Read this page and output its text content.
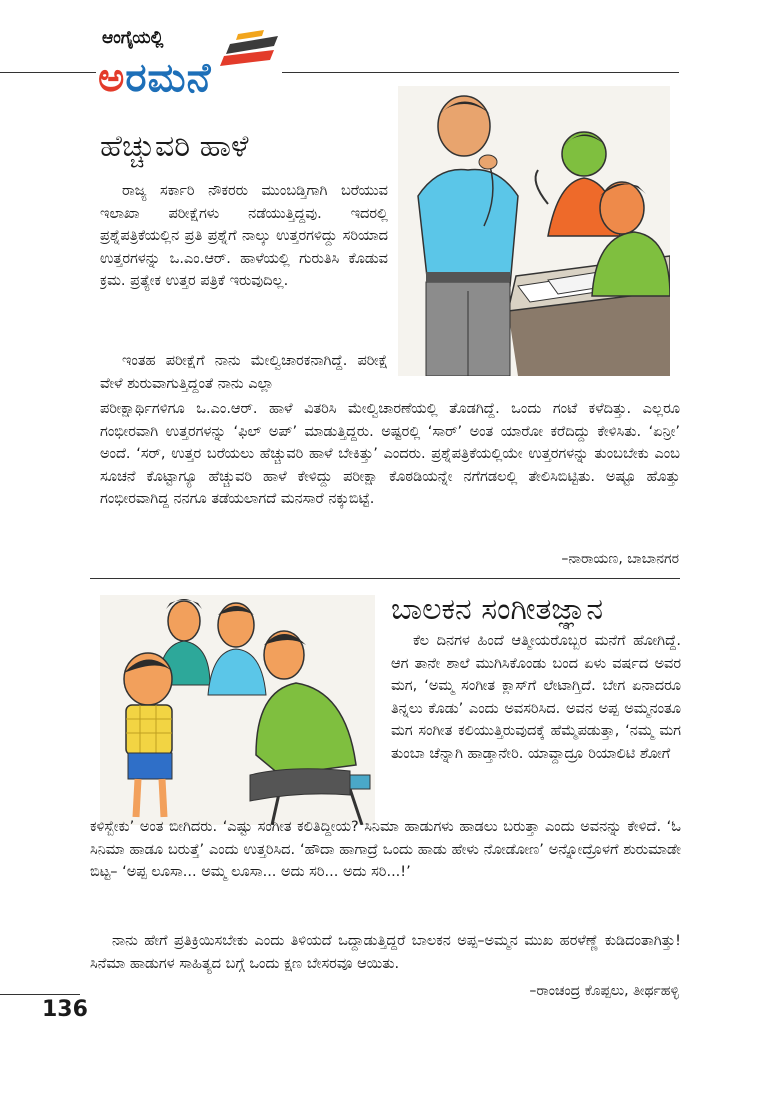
ಆಂಗೈಯಲ್ಲಿ
ಅರಮನೆ
ಹೆಚ್ಚುವರಿ ಹಾಳೆ

ರಾಜ್ಯ ಸರ್ಕಾರಿ ನೌಕರರು ಮುಂಬಡ್ತಿಗಾಗಿ ಬರೆಯುವ ಇಲಾಖಾ ಪರೀಕ್ಷೆಗಳು ನಡೆಯುತ್ತಿದ್ದವು. ಇದರಲ್ಲಿ ಪ್ರಶ್ನೆಪತ್ರಿಕೆಯಲ್ಲಿನ ಪ್ರತಿ ಪ್ರಶ್ನೆಗೆ ನಾಲ್ಕು ಉತ್ತರಗಳಿದ್ದು ಸರಿಯಾದ ಉತ್ತರಗಳನ್ನು ಒ.ಎಂ.ಆರ್. ಹಾಳೆಯಲ್ಲಿ ಗುರುತಿಸಿ ಕೊಡುವ ಕ್ರಮ. ಪ್ರತ್ಯೇಕ ಉತ್ತರ ಪತ್ರಿಕೆ ಇರುವುದಿಲ್ಲ.

ಇಂತಹ ಪರೀಕ್ಷೆಗೆ ನಾನು ಮೇಲ್ವಿಚಾರಕನಾಗಿದ್ದೆ. ಪರೀಕ್ಷೆ ವೇಳೆ ಶುರುವಾಗುತ್ತಿದ್ದಂತೆ ನಾನು ಎಲ್ಲಾ

ಪರೀಕ್ಷಾರ್ಥಿಗಳಿಗೂ ಒ.ಎಂ.ಆರ್. ಹಾಳೆ ವಿತರಿಸಿ ಮೇಲ್ವಿಚಾರಣೆಯಲ್ಲಿ ತೊಡಗಿದ್ದೆ. ಒಂದು ಗಂಟೆ ಕಳೆದಿತ್ತು. ಎಲ್ಲರೂ ಗಂಭೀರವಾಗಿ ಉತ್ತರಗಳನ್ನು ‘ಫಿಲ್ ಅಪ್’ ಮಾಡುತ್ತಿದ್ದರು. ಅಷ್ಟರಲ್ಲಿ ‘ಸಾರ್’ ಅಂತ ಯಾರೋ ಕರೆದಿದ್ದು ಕೇಳಿಸಿತು. ‘ಏನ್ರೀ’ ಅಂದೆ. ‘ಸರ್, ಉತ್ತರ ಬರೆಯಲು ಹೆಚ್ಚುವರಿ ಹಾಳೆ ಬೇಕಿತ್ತು’ ಎಂದರು. ಪ್ರಶ್ನೆಪತ್ರಿಕೆಯಲ್ಲಿಯೇ ಉತ್ತರಗಳನ್ನು ತುಂಬಬೇಕು ಎಂಬ ಸೂಚನೆ ಕೊಟ್ಟಾಗ್ಯೂ ಹೆಚ್ಚುವರಿ ಹಾಳೆ ಕೇಳಿದ್ದು ಪರೀಕ್ಷಾ ಕೊಠಡಿಯನ್ನೇ ನಗೆಗಡಲಲ್ಲಿ ತೇಲಿಸಿಬಿಟ್ಟಿತು. ಅಷ್ಟೂ ಹೊತ್ತು ಗಂಭೀರವಾಗಿದ್ದ ನನಗೂ ತಡೆಯಲಾಗದೆ ಮನಸಾರೆ ನಕ್ಕುಬಿಟ್ಟೆ.

–ನಾರಾಯಣ, ಬಾಬಾನಗರ
ಬಾಲಕನ ಸಂಗೀತಜ್ಞಾನ

ಕೆಲ ದಿನಗಳ ಹಿಂದೆ ಆತ್ಮೀಯರೊಬ್ಬರ ಮನೆಗೆ ಹೋಗಿದ್ದೆ. ಆಗ ತಾನೇ ಶಾಲೆ ಮುಗಿಸಿಕೊಂಡು ಬಂದ ಏಳು ವರ್ಷದ ಅವರ ಮಗ, ‘ಅಮ್ಮ ಸಂಗೀತ ಕ್ಲಾಸ್‌ಗೆ ಲೇಟಾಗ್ತಿದೆ. ಬೇಗ ಏನಾದರೂ ತಿನ್ನಲು ಕೊಡು’ ಎಂದು ಅವಸರಿಸಿದ. ಅವನ ಅಪ್ಪ ಅಮ್ಮನಂತೂ ಮಗ ಸಂಗೀತ ಕಲಿಯುತ್ತಿರುವುದಕ್ಕೆ ಹೆಮ್ಮೆಪಡುತ್ತಾ, ‘ನಮ್ಮ ಮಗ ತುಂಬಾ ಚೆನ್ನಾಗಿ ಹಾಡ್ತಾನೇರಿ. ಯಾವ್ದಾದ್ರೂ ರಿಯಾಲಿಟಿ ಶೋಗೆ

ಕಳಿಸ್ಬೇಕು’ ಅಂತ ಬೀಗಿದರು. ‘ಎಷ್ಟು ಸಂಗೀತ ಕಲಿತಿದ್ದೀಯ? ಸಿನಿಮಾ ಹಾಡುಗಳು ಹಾಡಲು ಬರುತ್ತಾ ಎಂದು ಅವನನ್ನು ಕೇಳಿದೆ. ‘ಓ ಸಿನಿಮಾ ಹಾಡೂ ಬರುತ್ತೆ’ ಎಂದು ಉತ್ತರಿಸಿದ. ‘ಹೌದಾ ಹಾಗಾದ್ರೆ ಒಂದು ಹಾಡು ಹೇಳು ನೋಡೋಣ’ ಅನ್ನೋದ್ರೊಳಗೆ ಶುರುಮಾಡೇ ಬಿಟ್ಟ– ‘ಅಪ್ಪ ಲೂಸಾ... ಅಮ್ಮ ಲೂಸಾ... ಅದು ಸರಿ... ಅದು ಸರಿ...!’

ನಾನು ಹೇಗೆ ಪ್ರತಿಕ್ರಿಯಿಸಬೇಕು ಎಂದು ತಿಳಿಯದೆ ಒದ್ದಾಡುತ್ತಿದ್ದರೆ ಬಾಲಕನ ಅಪ್ಪ–ಅಮ್ಮನ ಮುಖ ಹರಳೆಣ್ಣೆ ಕುಡಿದಂತಾಗಿತ್ತು! ಸಿನೆಮಾ ಹಾಡುಗಳ ಸಾಹಿತ್ಯದ ಬಗ್ಗೆ ಒಂದು ಕ್ಷಣ ಬೇಸರವೂ ಆಯಿತು.

–ರಾಂಚಂದ್ರ ಕೊಪ್ಪಲು, ತೀರ್ಥಹಳ್ಳಿ
136
